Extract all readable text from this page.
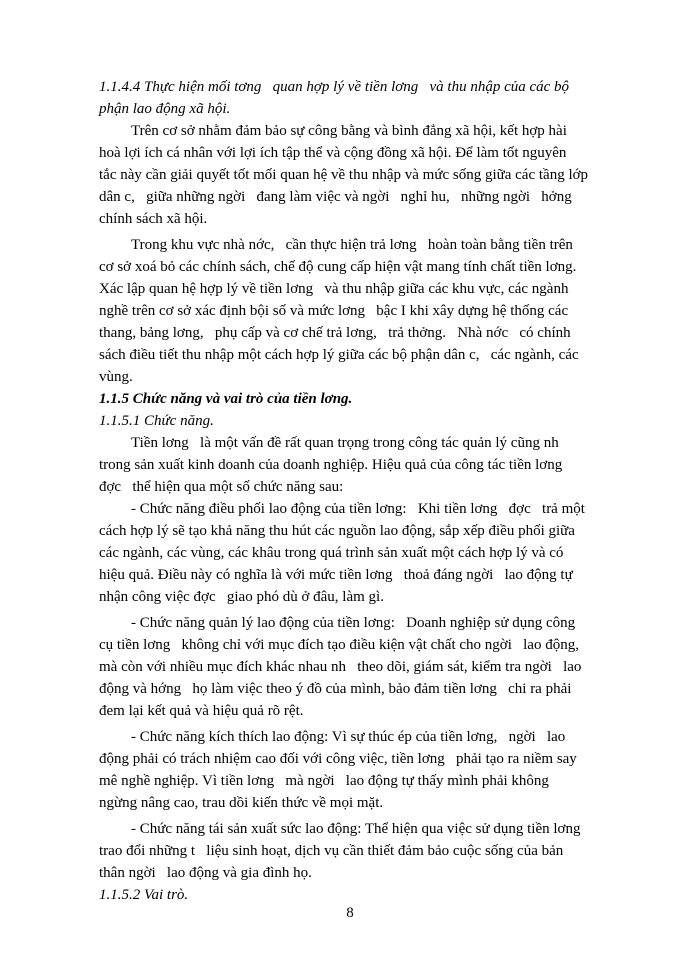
1.1.4.4 Thực hiện mối tơng   quan hợp lý về tiền lơng   và thu nhập của các bộ
phận lao động xã hội.
Trên cơ sở nhằm đảm bảo sự công bằng và bình đẳng xã hội, kết hợp hài
hoà lợi ích cá nhân với lợi ích tập thể và cộng đồng xã hội. Để làm tốt nguyên
tắc này cần giải quyết tốt mối quan hệ về thu nhập và mức sống giữa các tầng lớp
dân c,   giữa những ngời   đang làm việc và ngời   nghỉ hu,   những ngời   hởng
chính sách xã hội.
Trong khu vực nhà nớc,   cần thực hiện trả lơng   hoàn toàn bằng tiền trên
cơ sở xoá bỏ các chính sách, chế độ cung cấp hiện vật mang tính chất tiền lơng.
Xác lập quan hệ hợp lý về tiền lơng   và thu nhập giữa các khu vực, các ngành
nghề trên cơ sở xác định bội số và mức lơng   bậc I khi xây dựng hệ thống các
thang, bảng lơng,   phụ cấp và cơ chế trả lơng,   trả thởng.   Nhà nớc   có chính
sách điều tiết thu nhập một cách hợp lý giữa các bộ phận dân c,   các ngành, các
vùng.
1.1.5 Chức năng và vai trò của tiền lơng.
1.1.5.1 Chức năng.
Tiền lơng   là một vấn đề rất quan trọng trong công tác quản lý cũng nh
trong sản xuất kinh doanh của doanh nghiệp. Hiệu quả của công tác tiền lơng
đợc   thể hiện qua một số chức năng sau:
- Chức năng điều phối lao động của tiền lơng:   Khi tiền lơng   đợc   trả một
cách hợp lý sẽ tạo khả năng thu hút các nguồn lao động, sắp xếp điều phối giữa
các ngành, các vùng, các khâu trong quá trình sản xuất một cách hợp lý và có
hiệu quả. Điều này có nghĩa là với mức tiền lơng   thoả đáng ngời   lao động tự
nhận công việc đợc   giao phó dù ở đâu, làm gì.
- Chức năng quản lý lao động của tiền lơng:   Doanh nghiệp sử dụng công
cụ tiền lơng   không chỉ với mục đích tạo điều kiện vật chất cho ngời   lao động,
mà còn với nhiều mục đích khác nhau nh   theo dõi, giám sát, kiểm tra ngời   lao
động và hớng   họ làm việc theo ý đồ của mình, bảo đảm tiền lơng   chi ra phải
đem lại kết quả và hiệu quả rõ rệt.
- Chức năng kích thích lao động: Vì sự thúc ép của tiền lơng,   ngời   lao
động phải có trách nhiệm cao đối với công việc, tiền lơng   phải tạo ra niềm say
mê nghề nghiệp. Vì tiền lơng   mà ngời   lao động tự thấy mình phải không
ngừng nâng cao, trau dồi kiến thức về mọi mặt.
- Chức năng tái sản xuất sức lao động: Thể hiện qua việc sử dụng tiền lơng
trao đổi những t   liệu sinh hoạt, dịch vụ cần thiết đảm bảo cuộc sống của bản
thân ngời   lao động và gia đình họ.
1.1.5.2 Vai trò.
8
